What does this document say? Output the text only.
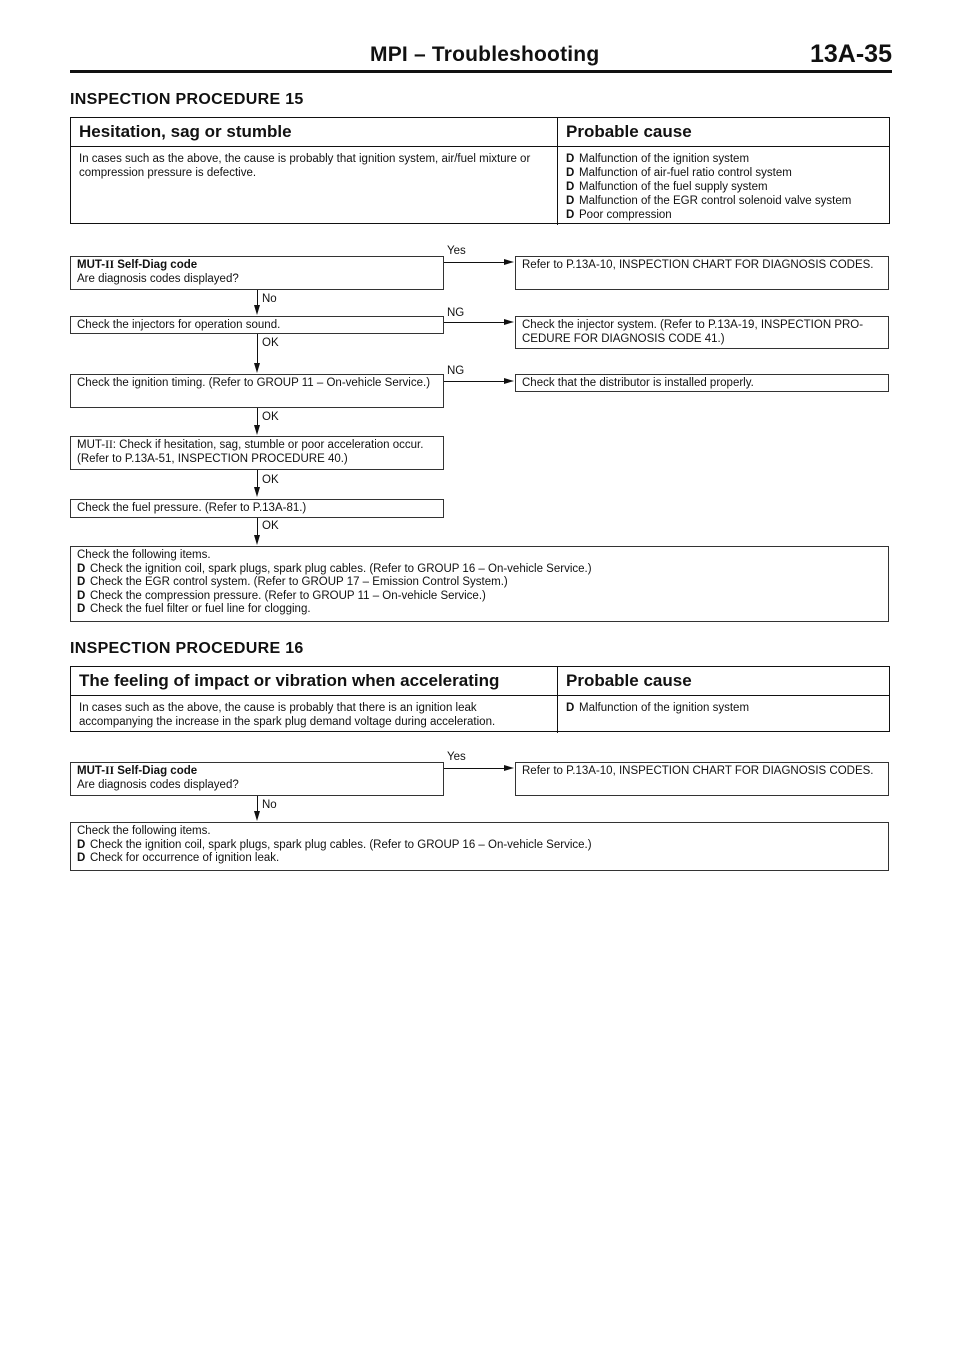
MPI – Troubleshooting	13A-35
INSPECTION PROCEDURE 15
Hesitation, sag or stumble	Probable cause
In cases such as the above, the cause is probably that ignition system, air/fuel mixture or compression pressure is defective.
D Malfunction of the ignition system
D Malfunction of air-fuel ratio control system
D Malfunction of the fuel supply system
D Malfunction of the EGR control solenoid valve system
D Poor compression
Yes
MUT-II Self-Diag code
Are diagnosis codes displayed?
Refer to P.13A-10, INSPECTION CHART FOR DIAGNOSIS CODES.
No
NG
Check the injectors for operation sound.	Check the injector system. (Refer to P.13A-19, INSPECTION PRO- CEDURE FOR DIAGNOSIS CODE 41.)
OK
NG
Check the ignition timing. (Refer to GROUP 11 – On-vehicle Service.)	Check that the distributor is installed properly.
OK
MUT-II: Check if hesitation, sag, stumble or poor acceleration occur. (Refer to P.13A-51, INSPECTION PROCEDURE 40.)
OK
Check the fuel pressure. (Refer to P.13A-81.)
OK
Check the following items.
D Check the ignition coil, spark plugs, spark plug cables. (Refer to GROUP 16 – On-vehicle Service.)
D Check the EGR control system. (Refer to GROUP 17 – Emission Control System.)
D Check the compression pressure. (Refer to GROUP 11 – On-vehicle Service.)
D Check the fuel filter or fuel line for clogging.
INSPECTION PROCEDURE 16
The feeling of impact or vibration when accelerating	Probable cause
In cases such as the above, the cause is probably that there is an ignition leak accompanying the increase in the spark plug demand voltage during acceleration.
D Malfunction of the ignition system
Yes
MUT-II Self-Diag code
Are diagnosis codes displayed?
Refer to P.13A-10, INSPECTION CHART FOR DIAGNOSIS CODES.
No
Check the following items.
D Check the ignition coil, spark plugs, spark plug cables. (Refer to GROUP 16 – On-vehicle Service.)
D Check for occurrence of ignition leak.
